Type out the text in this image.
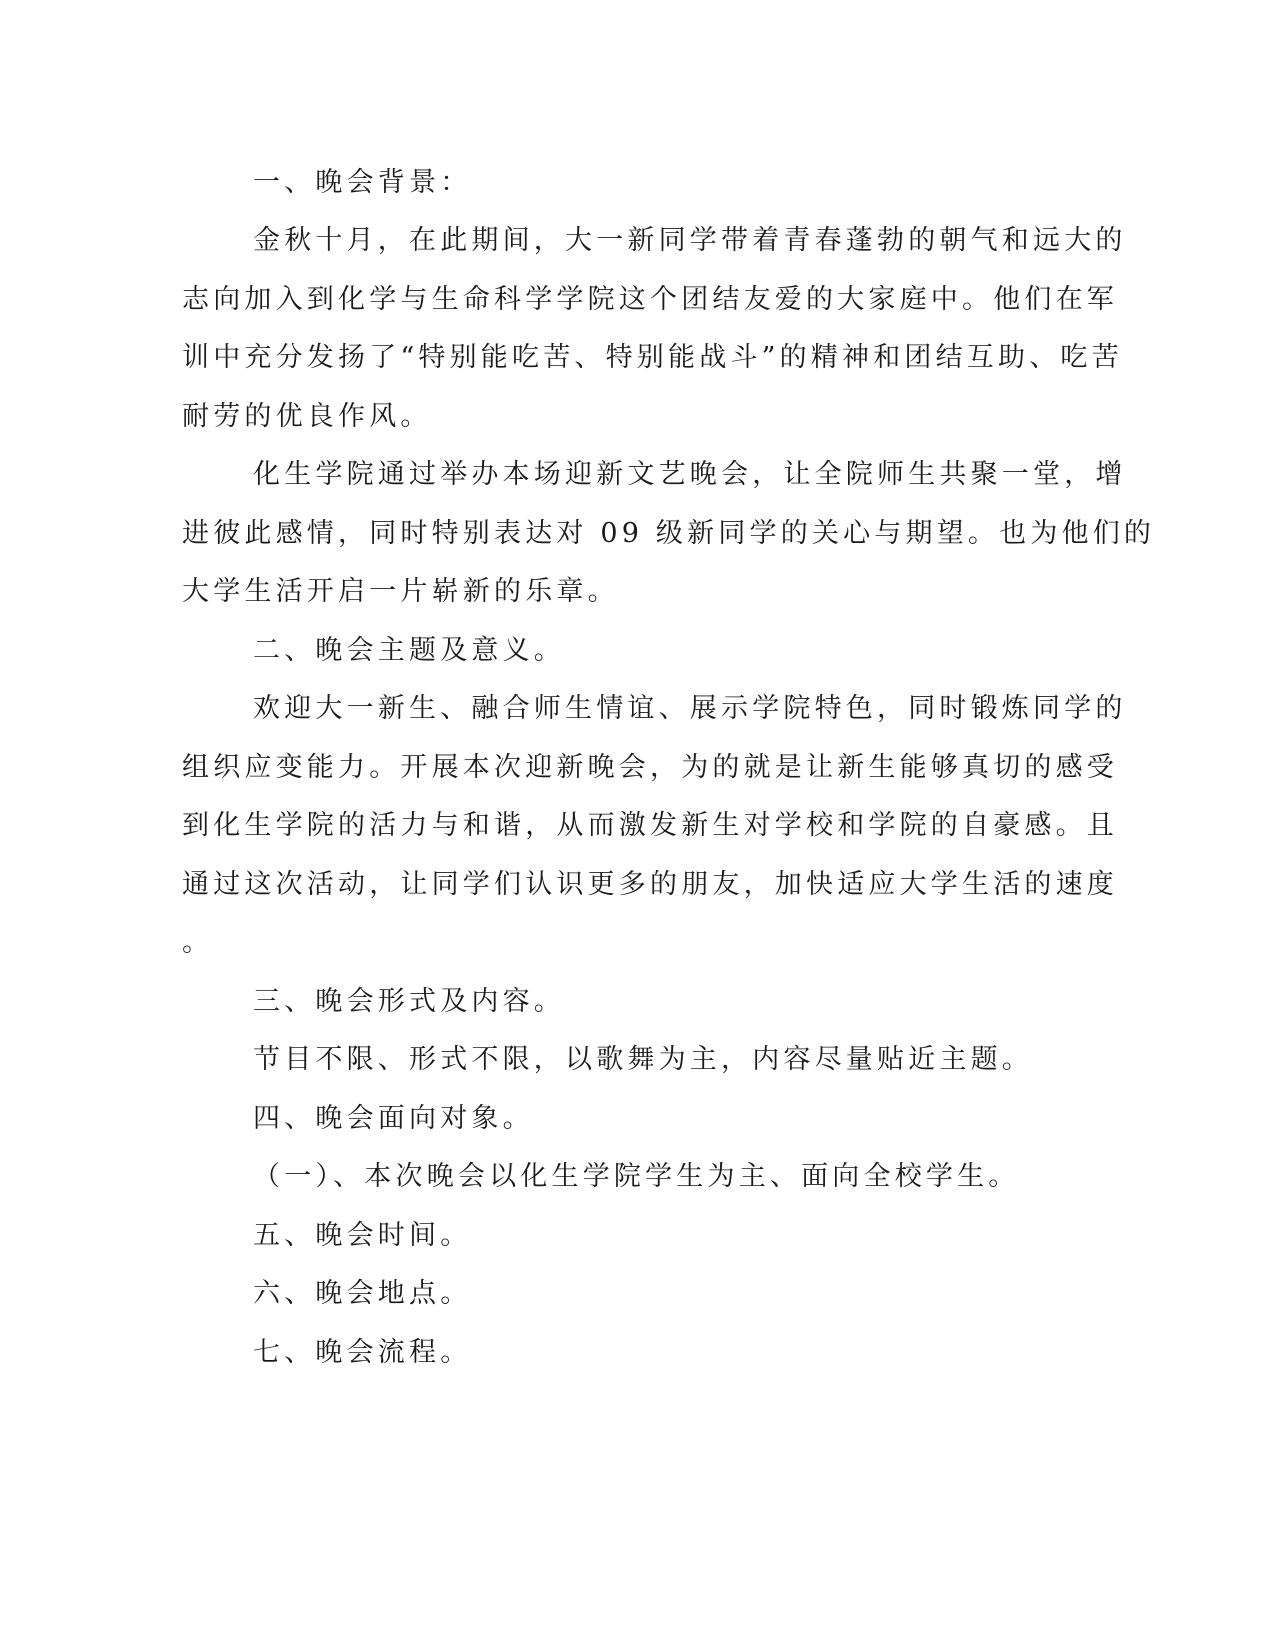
一、晚会背景：

金秋十月，在此期间，大一新同学带着青春蓬勃的朝气和远大的

志向加入到化学与生命科学学院这个团结友爱的大家庭中。他们在军

训中充分发扬了“特别能吃苦、特别能战斗”的精神和团结互助、吃苦

耐劳的优良作风。

化生学院通过举办本场迎新文艺晚会，让全院师生共聚一堂，增

进彼此感情，同时特别表达对 09 级新同学的关心与期望。也为他们的

大学生活开启一片崭新的乐章。

二、晚会主题及意义。

欢迎大一新生、融合师生情谊、展示学院特色，同时锻炼同学的

组织应变能力。开展本次迎新晚会，为的就是让新生能够真切的感受

到化生学院的活力与和谐，从而激发新生对学校和学院的自豪感。且

通过这次活动，让同学们认识更多的朋友，加快适应大学生活的速度

。

三、晚会形式及内容。

节目不限、形式不限，以歌舞为主，内容尽量贴近主题。

四、晚会面向对象。

（一）、本次晚会以化生学院学生为主、面向全校学生。

五、晚会时间。

六、晚会地点。

七、晚会流程。
